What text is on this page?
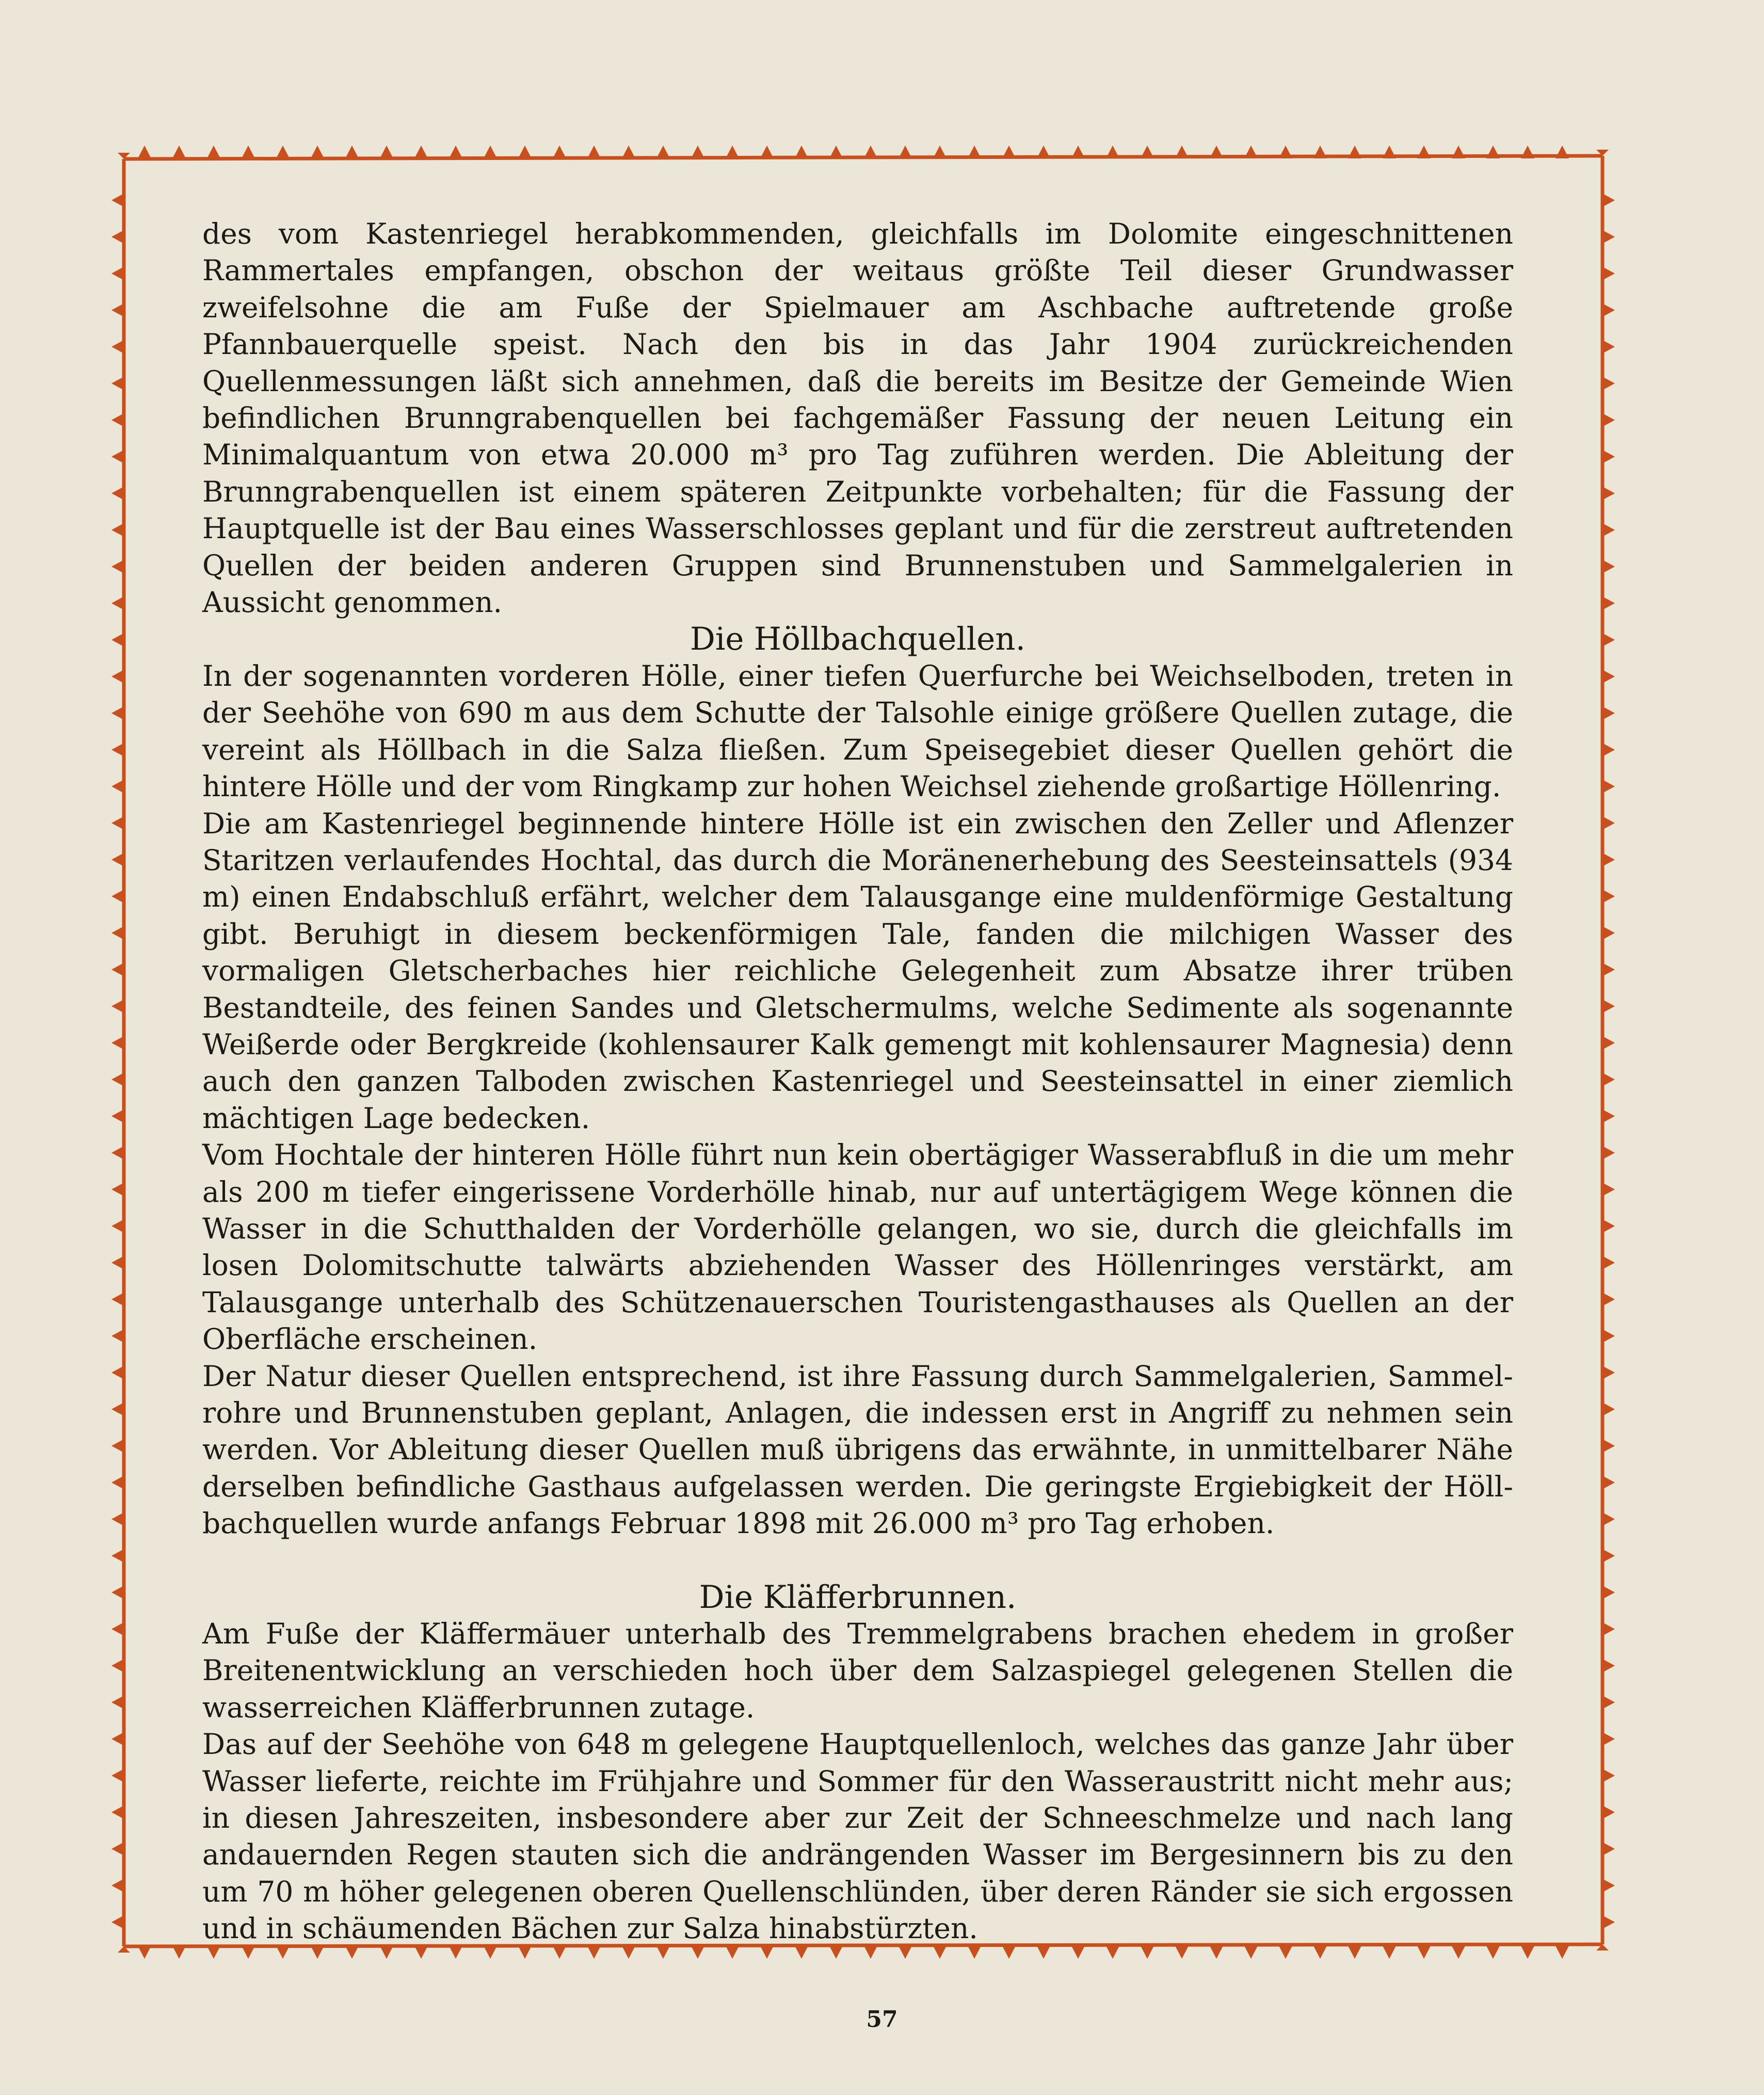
des vom Kastenriegel herabkommenden, gleichfalls im Dolomite eingeschnittenen Rammertales empfangen, obschon der weitaus größte Teil dieser Grundwasser zweifelsohne die am Fuße der Spielmauer am Aschbache auftretende große Pfannbauerquelle speist. Nach den bis in das Jahr 1904 zurückreichenden Quellenmessungen läßt sich annehmen, daß die bereits im Besitze der Gemeinde Wien befindlichen Brunngrabenquellen bei fachgemäßer Fassung der neuen Leitung ein Minimalquantum von etwa 20.000 m³ pro Tag zuführen werden. Die Ableitung der Brunngrabenquellen ist einem späteren Zeitpunkte vorbehalten; für die Fassung der Hauptquelle ist der Bau eines Wasserschlosses geplant und für die zerstreut auftretenden Quellen der beiden anderen Gruppen sind Brunnenstuben und Sammelgalerien in Aussicht genommen.

Die Höllbachquellen.

In der sogenannten vorderen Hölle, einer tiefen Querfurche bei Weichselboden, treten in der Seehöhe von 690 m aus dem Schutte der Talsohle einige größere Quellen zutage, die vereint als Höllbach in die Salza fließen. Zum Speisegebiet dieser Quellen gehört die hintere Hölle und der vom Ringkamp zur hohen Weichsel ziehende großartige Höllenring.

Die am Kastenriegel beginnende hintere Hölle ist ein zwischen den Zeller und Aflenzer Staritzen verlaufendes Hochtal, das durch die Moränenerhebung des Seesteinsattels (934 m) einen Endabschluß erfährt, welcher dem Talausgange eine muldenförmige Gestaltung gibt. Beruhigt in diesem beckenförmigen Tale, fanden die milchigen Wasser des vormaligen Gletscherbaches hier reichliche Gelegenheit zum Absatze ihrer trüben Bestandteile, des feinen Sandes und Gletschermulms, welche Sedimente als sogenannte Weißerde oder Bergkreide (kohlensaurer Kalk gemengt mit kohlensaurer Magnesia) denn auch den ganzen Talboden zwischen Kastenriegel und Seesteinsattel in einer ziemlich mächtigen Lage bedecken.

Vom Hochtale der hinteren Hölle führt nun kein obertägiger Wasserabfluß in die um mehr als 200 m tiefer eingerissene Vorderhölle hinab, nur auf untertägigem Wege können die Wasser in die Schutthalden der Vorderhölle gelangen, wo sie, durch die gleichfalls im losen Dolomitschutte talwärts abziehenden Wasser des Höllenringes verstärkt, am Talausgange unterhalb des Schützenauerschen Touristengasthauses als Quellen an der Oberfläche erscheinen.

Der Natur dieser Quellen entsprechend, ist ihre Fassung durch Sammelgalerien, Sammelrohre und Brunnenstuben geplant, Anlagen, die indessen erst in Angriff zu nehmen sein werden. Vor Ableitung dieser Quellen muß übrigens das erwähnte, in unmittelbarer Nähe derselben befindliche Gasthaus aufgelassen werden. Die geringste Ergiebigkeit der Höllbachquellen wurde anfangs Februar 1898 mit 26.000 m³ pro Tag erhoben.

Die Kläfferbrunnen.

Am Fuße der Kläffermäuer unterhalb des Tremmelgrabens brachen ehedem in großer Breitenentwicklung an verschieden hoch über dem Salzaspiegel gelegenen Stellen die wasserreichen Kläfferbrunnen zutage.

Das auf der Seehöhe von 648 m gelegene Hauptquellenloch, welches das ganze Jahr über Wasser lieferte, reichte im Frühjahre und Sommer für den Wasseraustritt nicht mehr aus; in diesen Jahreszeiten, insbesondere aber zur Zeit der Schneeschmelze und nach lang andauernden Regen stauten sich die andrängenden Wasser im Bergesinnern bis zu den um 70 m höher gelegenen oberen Quellenschlünden, über deren Ränder sie sich ergossen und in schäumenden Bächen zur Salza hinabstürzten.

57
